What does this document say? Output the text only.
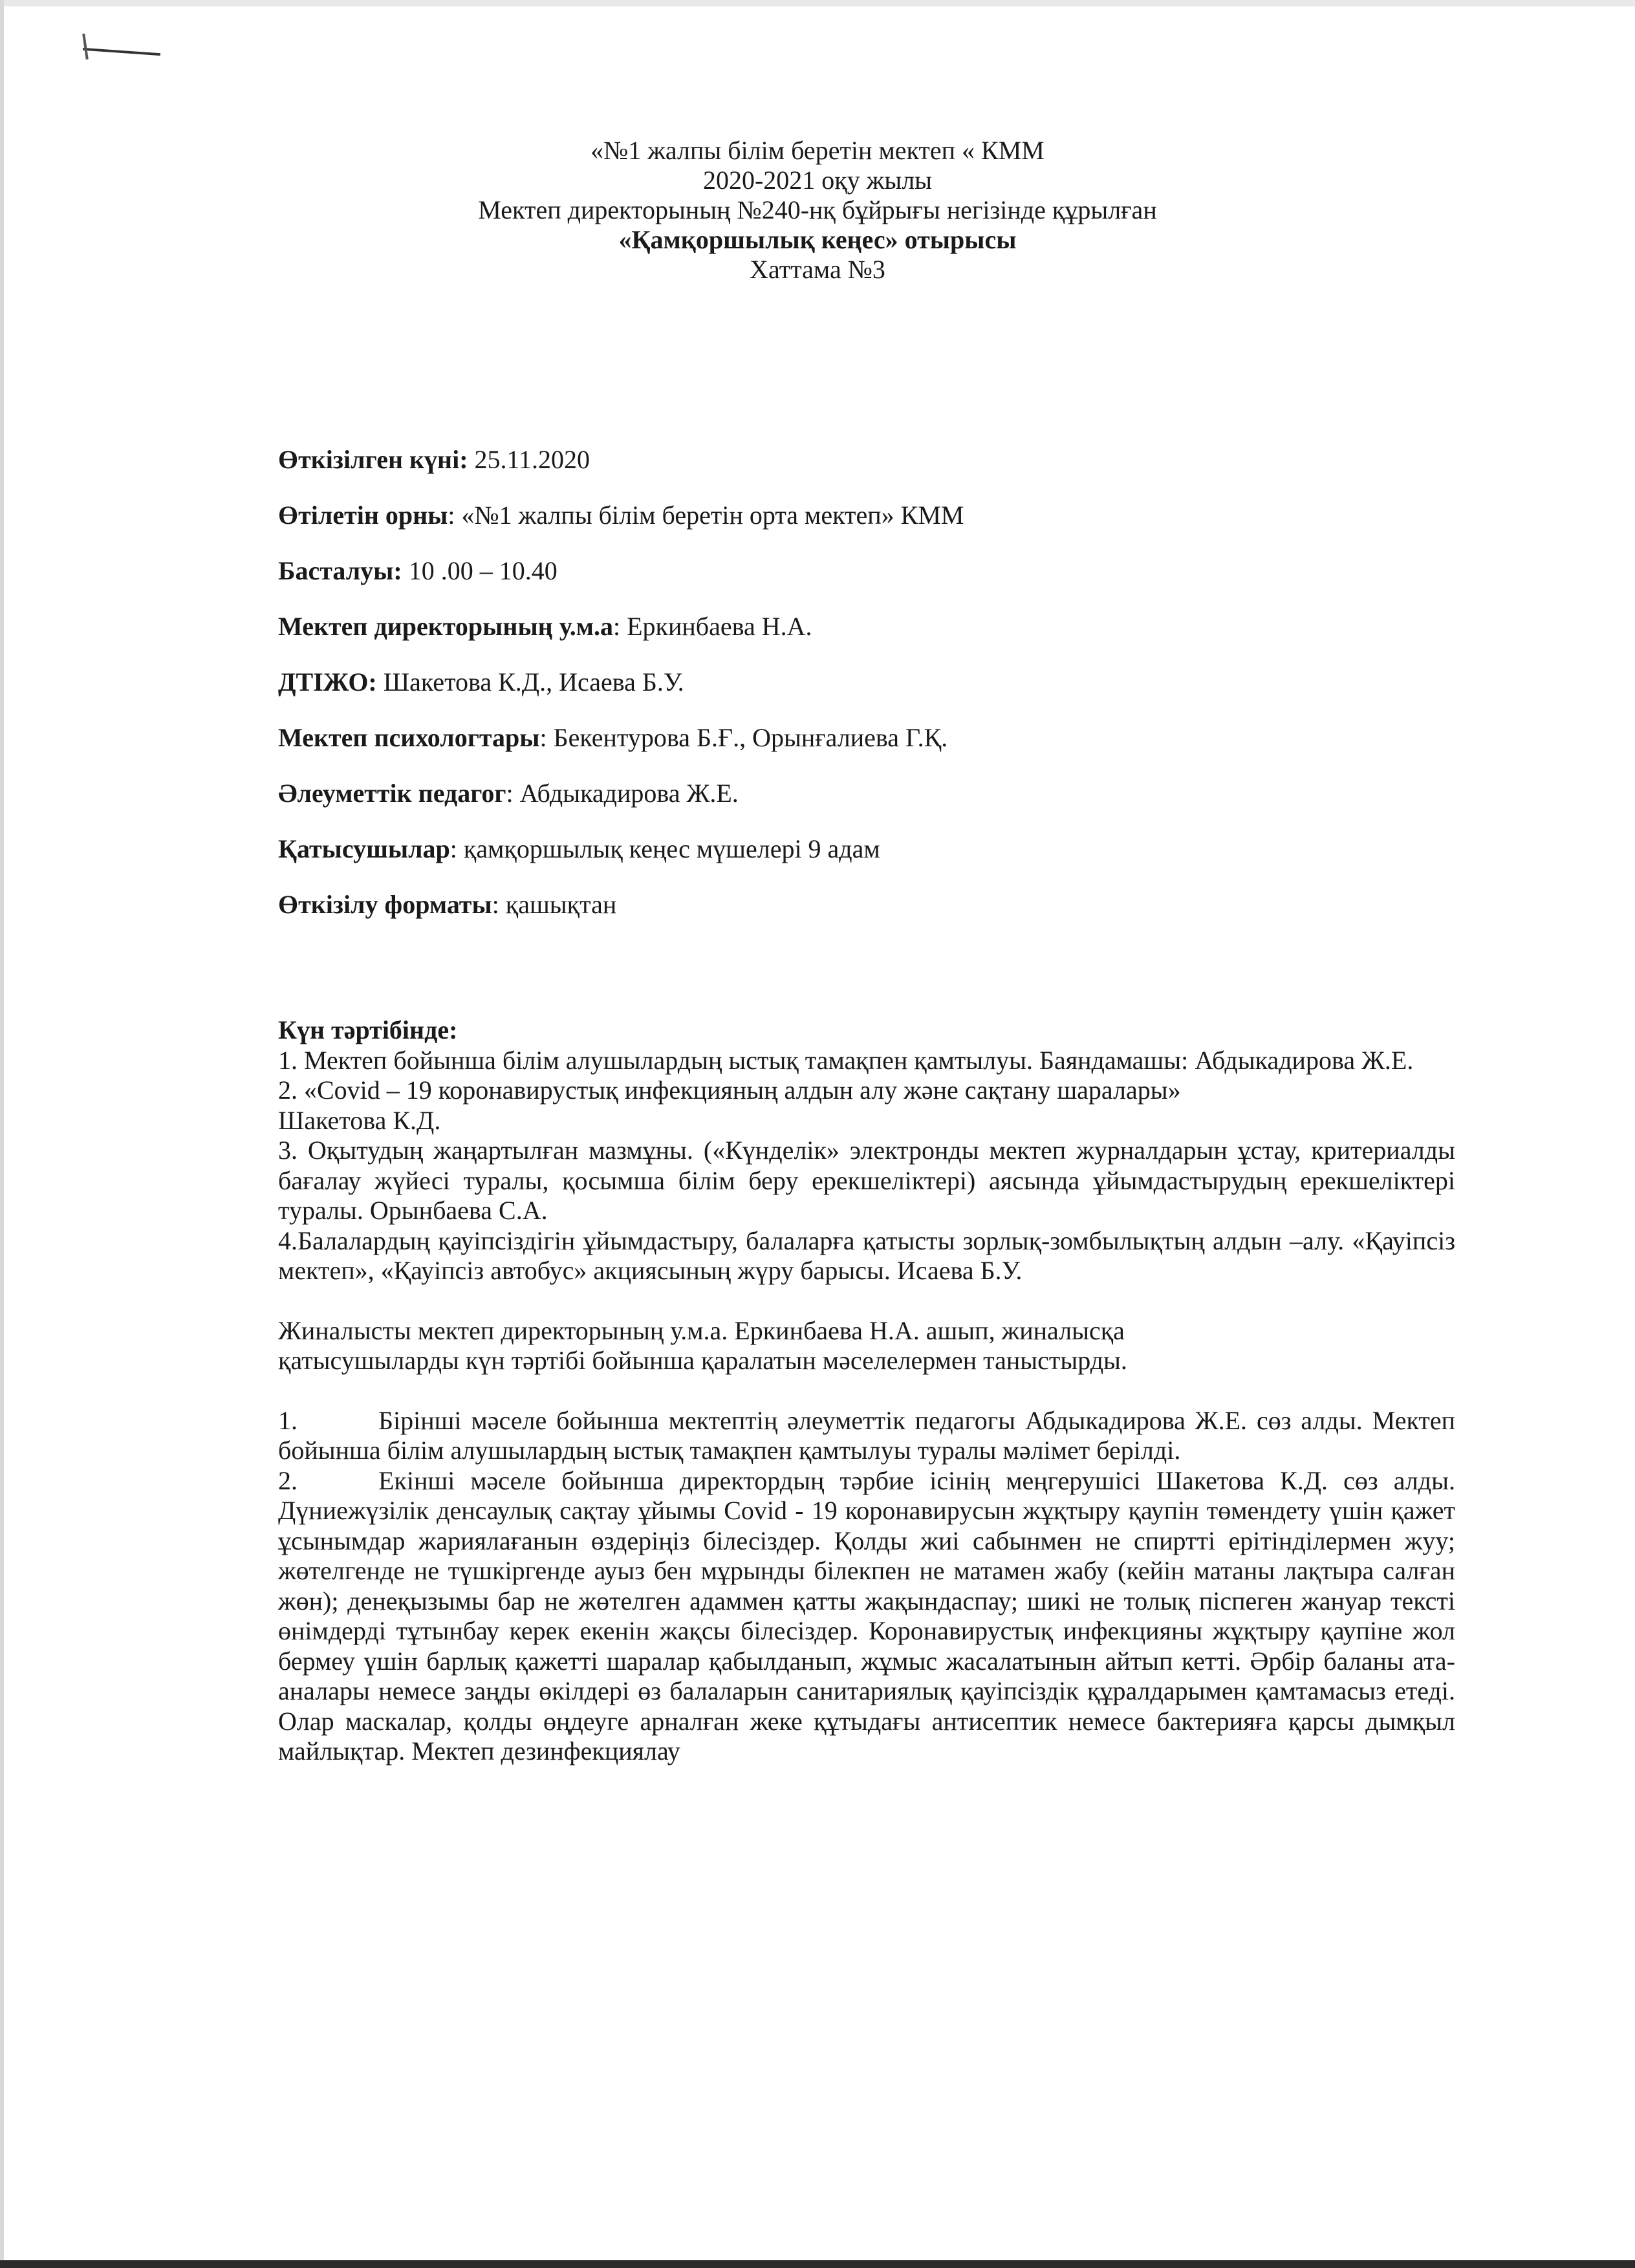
«№1 жалпы білім беретін мектеп « КММ
2020-2021 оқу жылы
Мектеп директорының №240-нқ бұйрығы негізінде құрылған
«Қамқоршылық кеңес» отырысы
Хаттама №3
Өткізілген күні: 25.11.2020
Өтілетін орны: «№1 жалпы білім беретін орта мектеп» КММ
Басталуы: 10 .00 – 10.40
Мектеп директорының у.м.а: Еркинбаева Н.А.
ДТІЖО: Шакетова К.Д., Исаева Б.У.
Мектеп психологтары: Бекентурова Б.Ғ., Орынғалиева Г.Қ.
Әлеуметтік педагог: Абдыкадирова Ж.Е.
Қатысушылар: қамқоршылық кеңес мүшелері 9 адам
Өткізілу форматы: қашықтан
Күн тәртібінде:

1. Мектеп бойынша білім алушылардың ыстық тамақпен қамтылуы. Баяндамашы: Абдыкадирова Ж.Е.

2. «Covid – 19 коронавирустық инфекцияның алдын алу және сақтану шаралары»
Шакетова К.Д.

3. Оқытудың жаңартылған мазмұны. («Күнделік» электронды мектеп журналдарын ұстау, критериалды бағалау жүйесі туралы, қосымша білім беру ерекшеліктері) аясында ұйымдастырудың ерекшеліктері туралы. Орынбаева С.А.

4.Балалардың қауіпсіздігін ұйымдастыру, балаларға қатысты зорлық-зомбылықтың алдын –алу. «Қауіпсіз мектеп», «Қауіпсіз автобус» акциясының жүру барысы. Исаева Б.У.

Жиналысты мектеп директорының у.м.а. Еркинбаева Н.А. ашып, жиналысқа
қатысушыларды күн тәртібі бойынша қаралатын мәселелермен таныстырды.

1.	Бірінші мәселе бойынша мектептің әлеуметтік педагогы Абдыкадирова Ж.Е. сөз алды. Мектеп бойынша білім алушылардың ыстық тамақпен қамтылуы туралы мәлімет берілді.

2.	Екінші мәселе бойынша директордың тәрбие ісінің меңгерушісі Шакетова К.Д. сөз алды. Дүниежүзілік денсаулық сақтау ұйымы Covid - 19 коронавирусын жұқтыру қаупін төмендету үшін қажет ұсынымдар жариялағанын өздеріңіз білесіздер. Қолды жиі сабынмен не спиртті ерітінділермен жуу; жөтелгенде не түшкіргенде ауыз бен мұрынды білекпен не матамен жабу (кейін матаны лақтыра салған жөн); денеқызымы бар не жөтелген адаммен қатты жақындаспау; шикі не толық піспеген жануар тексті өнімдерді тұтынбау керек екенін жақсы білесіздер. Коронавирустық инфекцияны жұқтыру қаупіне жол бермеу үшін барлық қажетті шаралар қабылданып, жұмыс жасалатынын айтып кетті. Әрбір баланы ата-аналары немесе заңды өкілдері өз балаларын санитариялық қауіпсіздік құралдарымен қамтамасыз етеді. Олар маскалар, қолды өңдеуге арналған жеке құтыдағы антисептик немесе бактерияға қарсы дымқыл майлықтар. Мектеп дезинфекциялау
